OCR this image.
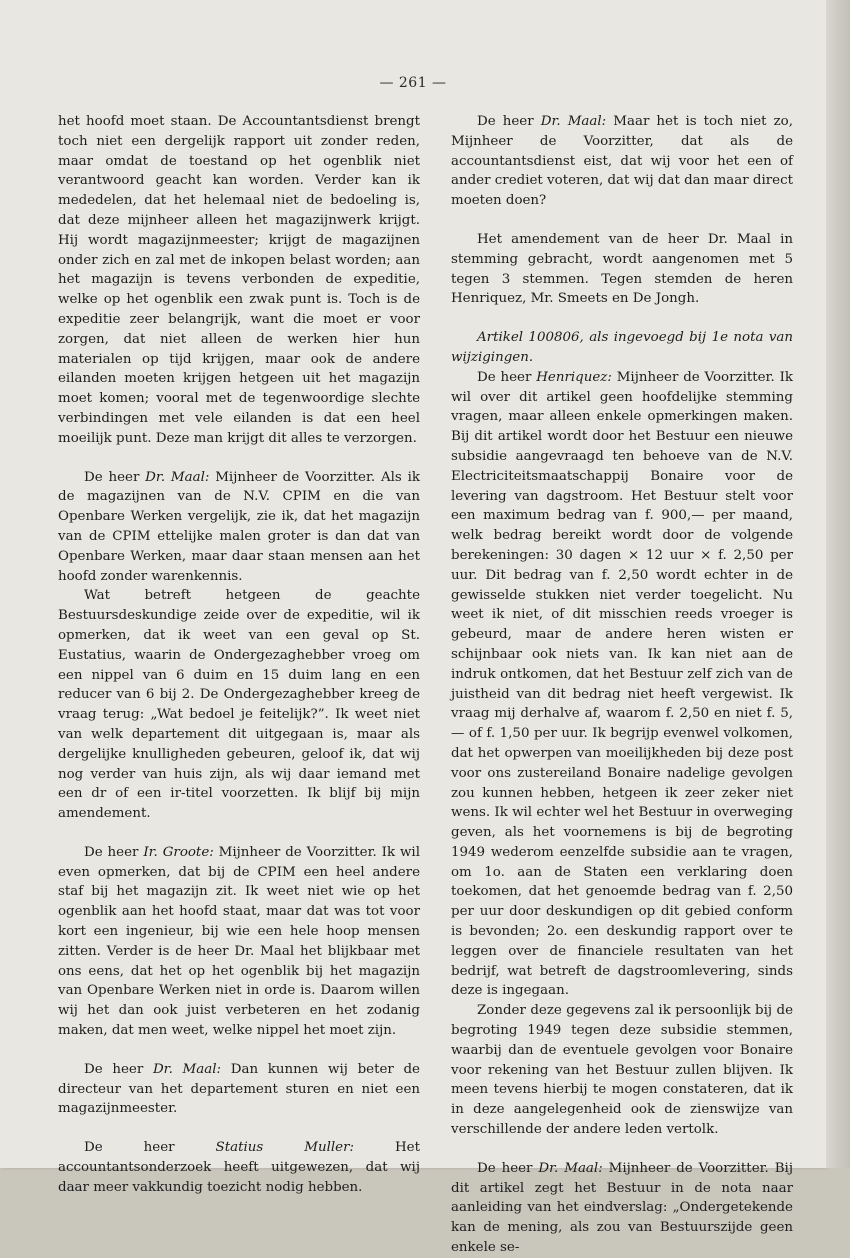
— 261 —

het hoofd moet staan. De Accountantsdienst brengt toch niet een dergelijk rapport uit zonder reden, maar omdat de toestand op het ogenblik niet verantwoord geacht kan worden. Verder kan ik mededelen, dat het helemaal niet de bedoeling is, dat deze mijnheer alleen het magazijnwerk krijgt. Hij wordt magazijnmeester; krijgt de magazijnen onder zich en zal met de inkopen belast worden; aan het magazijn is tevens verbonden de expeditie, welke op het ogenblik een zwak punt is. Toch is de expeditie zeer belangrijk, want die moet er voor zorgen, dat niet alleen de werken hier hun materialen op tijd krijgen, maar ook de andere eilanden moeten krijgen hetgeen uit het magazijn moet komen; vooral met de tegenwoordige slechte verbindingen met vele eilanden is dat een heel moeilijk punt. Deze man krijgt dit alles te verzorgen.

De heer Dr. Maal: Mijnheer de Voorzitter. Als ik de magazijnen van de N.V. CPIM en die van Openbare Werken vergelijk, zie ik, dat het magazijn van de CPIM ettelijke malen groter is dan dat van Openbare Werken, maar daar staan mensen aan het hoofd zonder warenkennis.

Wat betreft hetgeen de geachte Bestuursdeskundige zeide over de expeditie, wil ik opmerken, dat ik weet van een geval op St. Eustatius, waarin de Ondergezaghebber vroeg om een nippel van 6 duim en 15 duim lang en een reducer van 6 bij 2. De Ondergezaghebber kreeg de vraag terug: „Wat bedoel je feitelijk?”. Ik weet niet van welk departement dit uitgegaan is, maar als dergelijke knulligheden gebeuren, geloof ik, dat wij nog verder van huis zijn, als wij daar iemand met een dr of een ir-titel voorzetten. Ik blijf bij mijn amendement.

De heer Ir. Groote: Mijnheer de Voorzitter. Ik wil even opmerken, dat bij de CPIM een heel andere staf bij het magazijn zit. Ik weet niet wie op het ogenblik aan het hoofd staat, maar dat was tot voor kort een ingenieur, bij wie een hele hoop mensen zitten. Verder is de heer Dr. Maal het blijkbaar met ons eens, dat het op het ogenblik bij het magazijn van Openbare Werken niet in orde is. Daarom willen wij het dan ook juist verbeteren en het zodanig maken, dat men weet, welke nippel het moet zijn.

De heer Dr. Maal: Dan kunnen wij beter de directeur van het departement sturen en niet een magazijnmeester.

De heer Statius Muller: Het accountantsonderzoek heeft uitgewezen, dat wij daar meer vakkundig toezicht nodig hebben.

De heer Dr. Maal: Maar het is toch niet zo, Mijnheer de Voorzitter, dat als de accountantsdienst eist, dat wij voor het een of ander crediet voteren, dat wij dat dan maar direct moeten doen?

Het amendement van de heer Dr. Maal in stemming gebracht, wordt aangenomen met 5 tegen 3 stemmen. Tegen stemden de heren Henriquez, Mr. Smeets en De Jongh.

Artikel 100806, als ingevoegd bij 1e nota van wijzigingen.

De heer Henriquez: Mijnheer de Voorzitter. Ik wil over dit artikel geen hoofdelijke stemming vragen, maar alleen enkele opmerkingen maken. Bij dit artikel wordt door het Bestuur een nieuwe subsidie aangevraagd ten behoeve van de N.V. Electriciteitsmaatschappij Bonaire voor de levering van dagstroom. Het Bestuur stelt voor een maximum bedrag van f. 900,— per maand, welk bedrag bereikt wordt door de volgende berekeningen: 30 dagen × 12 uur × f. 2,50 per uur. Dit bedrag van f. 2,50 wordt echter in de gewisselde stukken niet verder toegelicht. Nu weet ik niet, of dit misschien reeds vroeger is gebeurd, maar de andere heren wisten er schijnbaar ook niets van. Ik kan niet aan de indruk ontkomen, dat het Bestuur zelf zich van de juistheid van dit bedrag niet heeft vergewist. Ik vraag mij derhalve af, waarom f. 2,50 en niet f. 5,— of f. 1,50 per uur. Ik begrijp evenwel volkomen, dat het opwerpen van moeilijkheden bij deze post voor ons zustereiland Bonaire nadelige gevolgen zou kunnen hebben, hetgeen ik zeer zeker niet wens. Ik wil echter wel het Bestuur in overweging geven, als het voornemens is bij de begroting 1949 wederom eenzelfde subsidie aan te vragen, om 1o. aan de Staten een verklaring doen toekomen, dat het genoemde bedrag van f. 2,50 per uur door deskundigen op dit gebied conform is bevonden; 2o. een deskundig rapport over te leggen over de financiele resultaten van het bedrijf, wat betreft de dagstroomlevering, sinds deze is ingegaan.

Zonder deze gegevens zal ik persoonlijk bij de begroting 1949 tegen deze subsidie stemmen, waarbij dan de eventuele gevolgen voor Bonaire voor rekening van het Bestuur zullen blijven. Ik meen tevens hierbij te mogen constateren, dat ik in deze aangelegenheid ook de zienswijze van verschillende der andere leden vertolk.

De heer Dr. Maal: Mijnheer de Voorzitter. Bij dit artikel zegt het Bestuur in de nota naar aanleiding van het eindverslag: „Ondergetekende kan de mening, als zou van Bestuurszijde geen enkele se-
